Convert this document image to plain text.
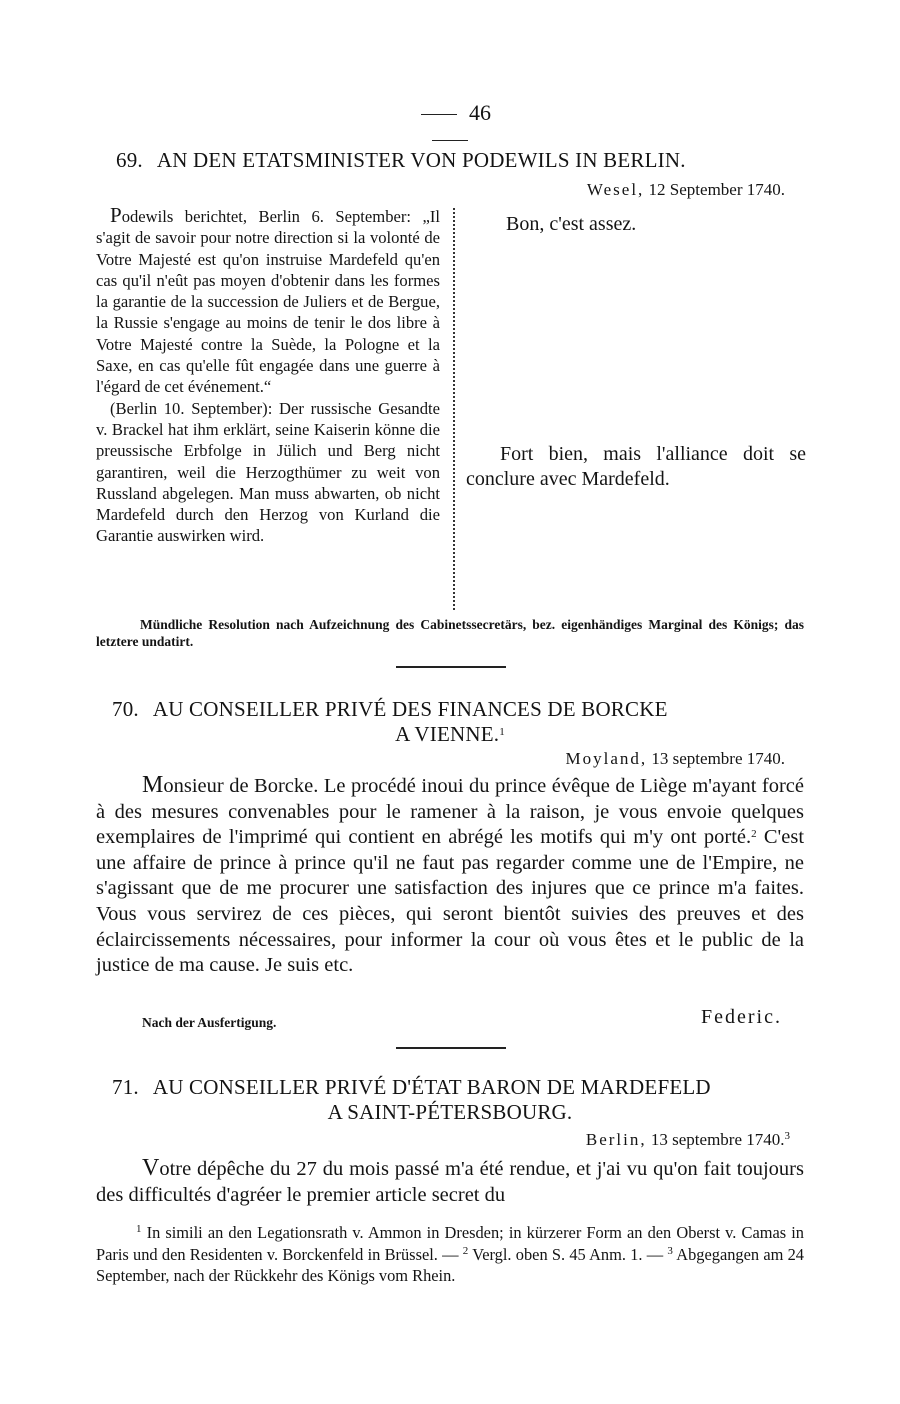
46
69. AN DEN ETATSMINISTER VON PODEWILS IN BERLIN.
Wesel, 12 September 1740.

Podewils berichtet, Berlin 6. September: „Il s'agit de savoir pour notre direction si la volonté de Votre Majesté est qu'on instruise Mardefeld qu'en cas qu'il n'eût pas moyen d'obtenir dans les formes la garantie de la succession de Juliers et de Bergue, la Russie s'engage au moins de tenir le dos libre à Votre Majesté contre la Suède, la Pologne et la Saxe, en cas qu'elle fût engagée dans une guerre à l'égard de cet événement.“

(Berlin 10. September): Der russische Gesandte v. Brackel hat ihm erklärt, seine Kaiserin könne die preussische Erbfolge in Jülich und Berg nicht garantiren, weil die Herzogthümer zu weit von Russland abgelegen. Man muss abwarten, ob nicht Mardefeld durch den Herzog von Kurland die Garantie auswirken wird.

Bon, c'est assez.
Fort bien, mais l'alliance doit se conclure avec Mardefeld.
Mündliche Resolution nach Aufzeichnung des Cabinetssecretärs, bez. eigenhändiges Marginal des Königs; das letztere undatirt.
70. AU CONSEILLER PRIVÉ DES FINANCES DE BORCKE
A VIENNE.$^1$
Moyland, 13 septembre 1740.

Monsieur de Borcke. Le procédé inoui du prince évêque de Liège m'ayant forcé à des mesures convenables pour le ramener à la raison, je vous envoie quelques exemplaires de l'imprimé qui contient en abrégé les motifs qui m'y ont porté.$^2$ C'est une affaire de prince à prince qu'il ne faut pas regarder comme une de l'Empire, ne s'agissant que de me procurer une satisfaction des injures que ce prince m'a faites. Vous vous servirez de ces pièces, qui seront bientôt suivies des preuves et des éclaircissements nécessaires, pour informer la cour où vous êtes et le public de la justice de ma cause. Je suis etc.

Nach der Ausfertigung.	Federic.
71. AU CONSEILLER PRIVÉ D'ÉTAT BARON DE MARDEFELD
A SAINT-PÉTERSBOURG.
Berlin, 13 septembre 1740.$^3$

Votre dépêche du 27 du mois passé m'a été rendue, et j'ai vu qu'on fait toujours des difficultés d'agréer le premier article secret du

$^1$ In simili an den Legationsrath v. Ammon in Dresden; in kürzerer Form an den Oberst v. Camas in Paris und den Residenten v. Borckenfeld in Brüssel. — $^2$ Vergl. oben S. 45 Anm. 1. — $^3$ Abgegangen am 24 September, nach der Rückkehr des Königs vom Rhein.
